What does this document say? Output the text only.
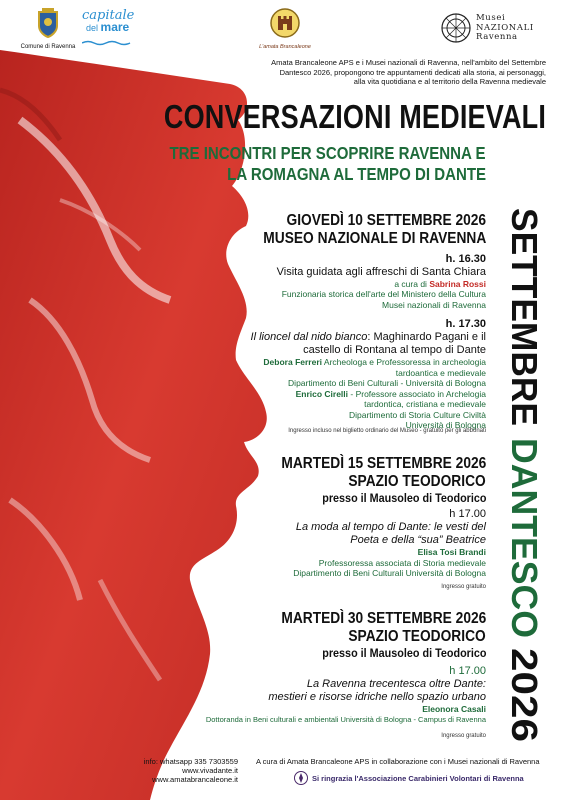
Comune di Ravenna
capitale
del mare
L'amata Brancaleone
Musei
NAZIONALI
Ravenna
Amata Brancaleone APS e i Musei nazionali di Ravenna, nell'ambito del Settembre
Dantesco 2026, propongono tre appuntamenti dedicati alla storia, ai personaggi,
alla vita quotidiana e al territorio della Ravenna medievale
CONVERSAZIONI MEDIEVALI
TRE INCONTRI PER SCOPRIRE RAVENNA E
LA ROMAGNA AL TEMPO DI DANTE
SETTEMBRE
DANTESCO
2026
GIOVEDÌ 10 SETTEMBRE 2026
MUSEO NAZIONALE DI RAVENNA
h. 16.30
Visita guidata agli affreschi di Santa Chiara
a cura di Sabrina Rossi
Funzionaria storica dell'arte del Ministero della Cultura
Musei nazionali di Ravenna
h. 17.30
Il lioncel dal nido bianco: Maghinardo Pagani e il
castello di Rontana al tempo di Dante
Debora Ferreri Archeologa e Professoressa in archeologia
tardoantica e medievale
Dipartimento di Beni Culturali - Università di Bologna
Enrico Cirelli - Professore associato in Archelogia
tardontica, cristiana e medievale
Dipartimento di Storia Culture Civiltà
Università di Bologna
Ingresso incluso nel biglietto ordinario del Museo - gratuito per gli abbonati
MARTEDÌ 15 SETTEMBRE 2026
SPAZIO TEODORICO
presso il Mausoleo di Teodorico
h 17.00
La moda al tempo di Dante: le vesti del
Poeta e della “sua” Beatrice
Elisa Tosi Brandi
Professoressa associata di Storia medievale
Dipartimento di Beni Culturali Università di Bologna
Ingresso gratuito
MARTEDÌ 30 SETTEMBRE 2026
SPAZIO TEODORICO
presso il Mausoleo di Teodorico
h 17.00
La Ravenna trecentesca oltre Dante:
mestieri e risorse idriche nello spazio urbano
Eleonora Casali
Dottoranda in Beni culturali e ambientali Università di Bologna - Campus di Ravenna
Ingresso gratuito
info: whatsapp 335 7303559
www.vivadante.it
www.amatabrancaleone.it
A cura di Amata Brancaleone APS in collaborazione con i Musei nazionali di Ravenna
Si ringrazia l'Associazione Carabinieri Volontari di Ravenna
